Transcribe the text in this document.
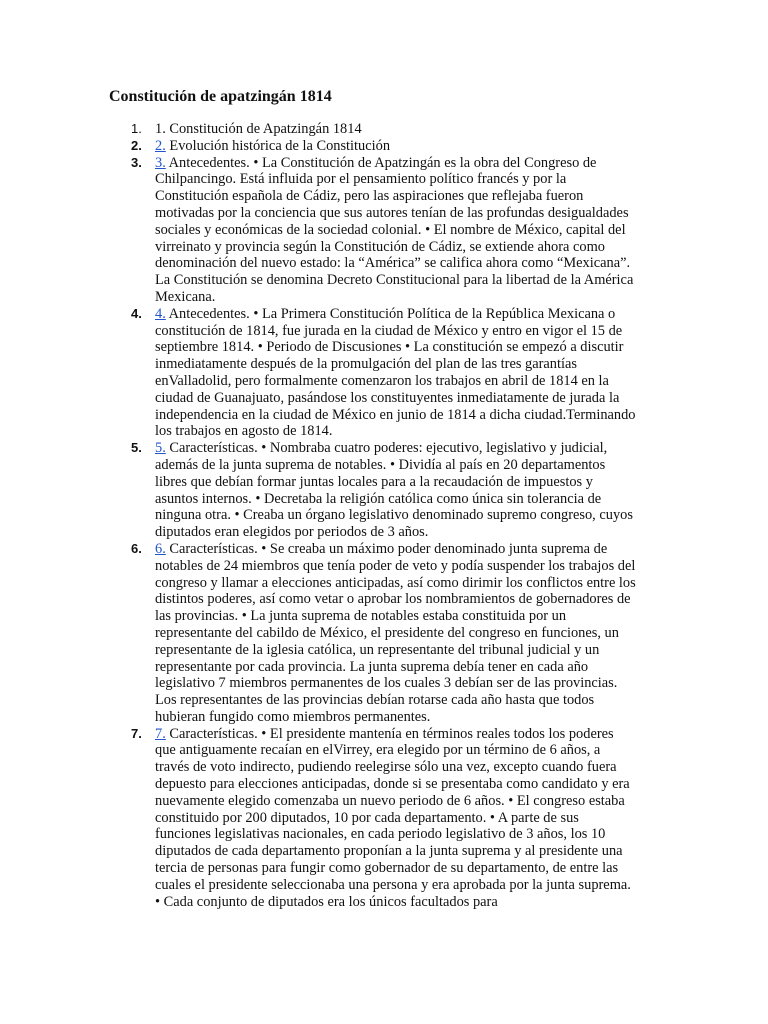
Constitución de apatzingán 1814
1. 1. Constitución de Apatzingán 1814
2. 2. Evolución histórica de la Constitución
3. 3. Antecedentes. • La Constitución de Apatzingán es la obra del Congreso de Chilpancingo. Está influida por el pensamiento político francés y por la Constitución española de Cádiz, pero las aspiraciones que reflejaba fueron motivadas por la conciencia que sus autores tenían de las profundas desigualdades sociales y económicas de la sociedad colonial. • El nombre de México, capital del virreinato y provincia según la Constitución de Cádiz, se extiende ahora como denominación del nuevo estado: la “América” se califica ahora como “Mexicana”. La Constitución se denomina Decreto Constitucional para la libertad de la América Mexicana.
4. 4. Antecedentes. • La Primera Constitución Política de la República Mexicana o constitución de 1814, fue jurada en la ciudad de México y entro en vigor el 15 de septiembre 1814. • Periodo de Discusiones • La constitución se empezó a discutir inmediatamente después de la promulgación del plan de las tres garantías enValladolid, pero formalmente comenzaron los trabajos en abril de 1814 en la ciudad de Guanajuato, pasándose los constituyentes inmediatamente de jurada la independencia en la ciudad de México en junio de 1814 a dicha ciudad.Terminando los trabajos en agosto de 1814.
5. 5. Características. • Nombraba cuatro poderes: ejecutivo, legislativo y judicial, además de la junta suprema de notables. • Dividía al país en 20 departamentos libres que debían formar juntas locales para a la recaudación de impuestos y asuntos internos. • Decretaba la religión católica como única sin tolerancia de ninguna otra. • Creaba un órgano legislativo denominado supremo congreso, cuyos diputados eran elegidos por periodos de 3 años.
6. 6. Características. • Se creaba un máximo poder denominado junta suprema de notables de 24 miembros que tenía poder de veto y podía suspender los trabajos del congreso y llamar a elecciones anticipadas, así como dirimir los conflictos entre los distintos poderes, así como vetar o aprobar los nombramientos de gobernadores de las provincias. • La junta suprema de notables estaba constituida por un representante del cabildo de México, el presidente del congreso en funciones, un representante de la iglesia católica, un representante del tribunal judicial y un representante por cada provincia. La junta suprema debía tener en cada año legislativo 7 miembros permanentes de los cuales 3 debían ser de las provincias. Los representantes de las provincias debían rotarse cada año hasta que todos hubieran fungido como miembros permanentes.
7. 7. Características. • El presidente mantenía en términos reales todos los poderes que antiguamente recaían en elVirrey, era elegido por un término de 6 años, a través de voto indirecto, pudiendo reelegirse sólo una vez, excepto cuando fuera depuesto para elecciones anticipadas, donde si se presentaba como candidato y era nuevamente elegido comenzaba un nuevo periodo de 6 años. • El congreso estaba constituido por 200 diputados, 10 por cada departamento. • A parte de sus funciones legislativas nacionales, en cada periodo legislativo de 3 años, los 10 diputados de cada departamento proponían a la junta suprema y al presidente una tercia de personas para fungir como gobernador de su departamento, de entre las cuales el presidente seleccionaba una persona y era aprobada por la junta suprema. • Cada conjunto de diputados era los únicos facultados para
